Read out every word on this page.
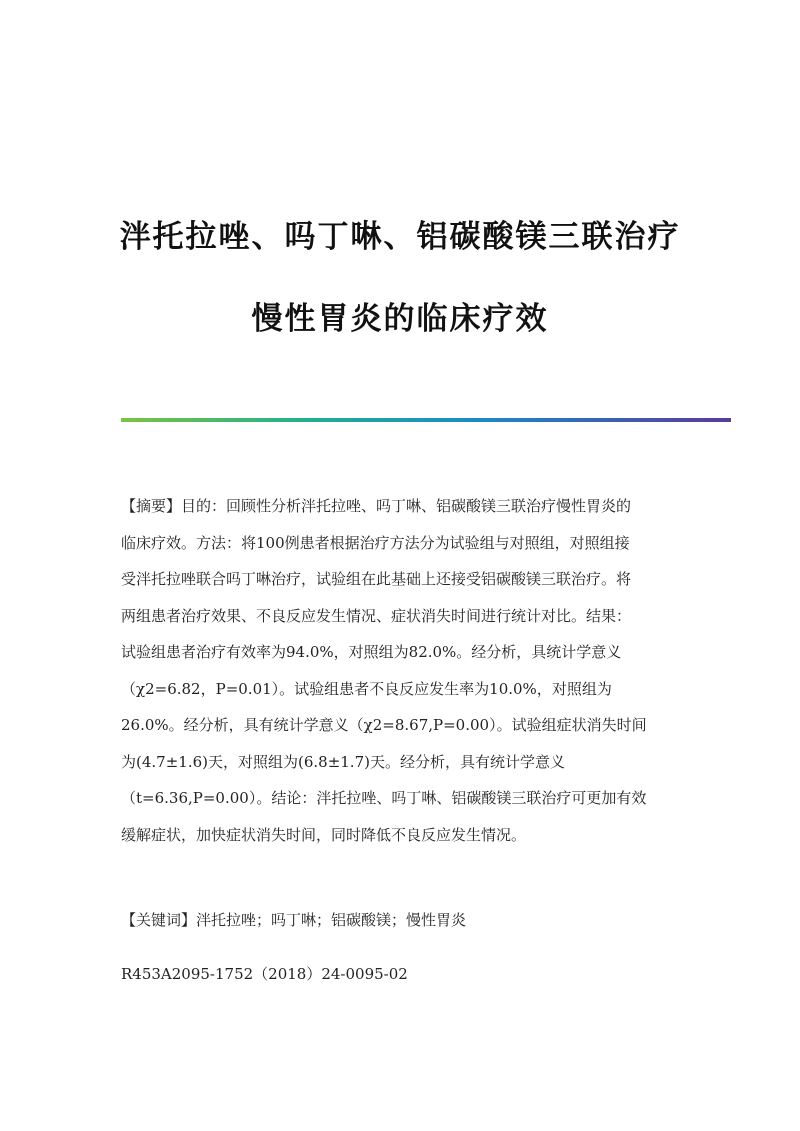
泮托拉唑、吗丁啉、铝碳酸镁三联治疗
慢性胃炎的临床疗效

【摘要】目的：回顾性分析泮托拉唑、吗丁啉、铝碳酸镁三联治疗慢性胃炎的
临床疗效。方法：将100例患者根据治疗方法分为试验组与对照组，对照组接
受泮托拉唑联合吗丁啉治疗，试验组在此基础上还接受铝碳酸镁三联治疗。将
两组患者治疗效果、不良反应发生情况、症状消失时间进行统计对比。结果：
试验组患者治疗有效率为94.0%，对照组为82.0%。经分析，具统计学意义
（χ2=6.82，P=0.01）。试验组患者不良反应发生率为10.0%，对照组为
26.0%。经分析，具有统计学意义（χ2=8.67,P=0.00）。试验组症状消失时间
为(4.7±1.6)天，对照组为(6.8±1.7)天。经分析，具有统计学意义
（t=6.36,P=0.00）。结论：泮托拉唑、吗丁啉、铝碳酸镁三联治疗可更加有效
缓解症状，加快症状消失时间，同时降低不良反应发生情况。

【关键词】泮托拉唑；吗丁啉；铝碳酸镁；慢性胃炎
R453A2095-1752（2018）24-0095-02
